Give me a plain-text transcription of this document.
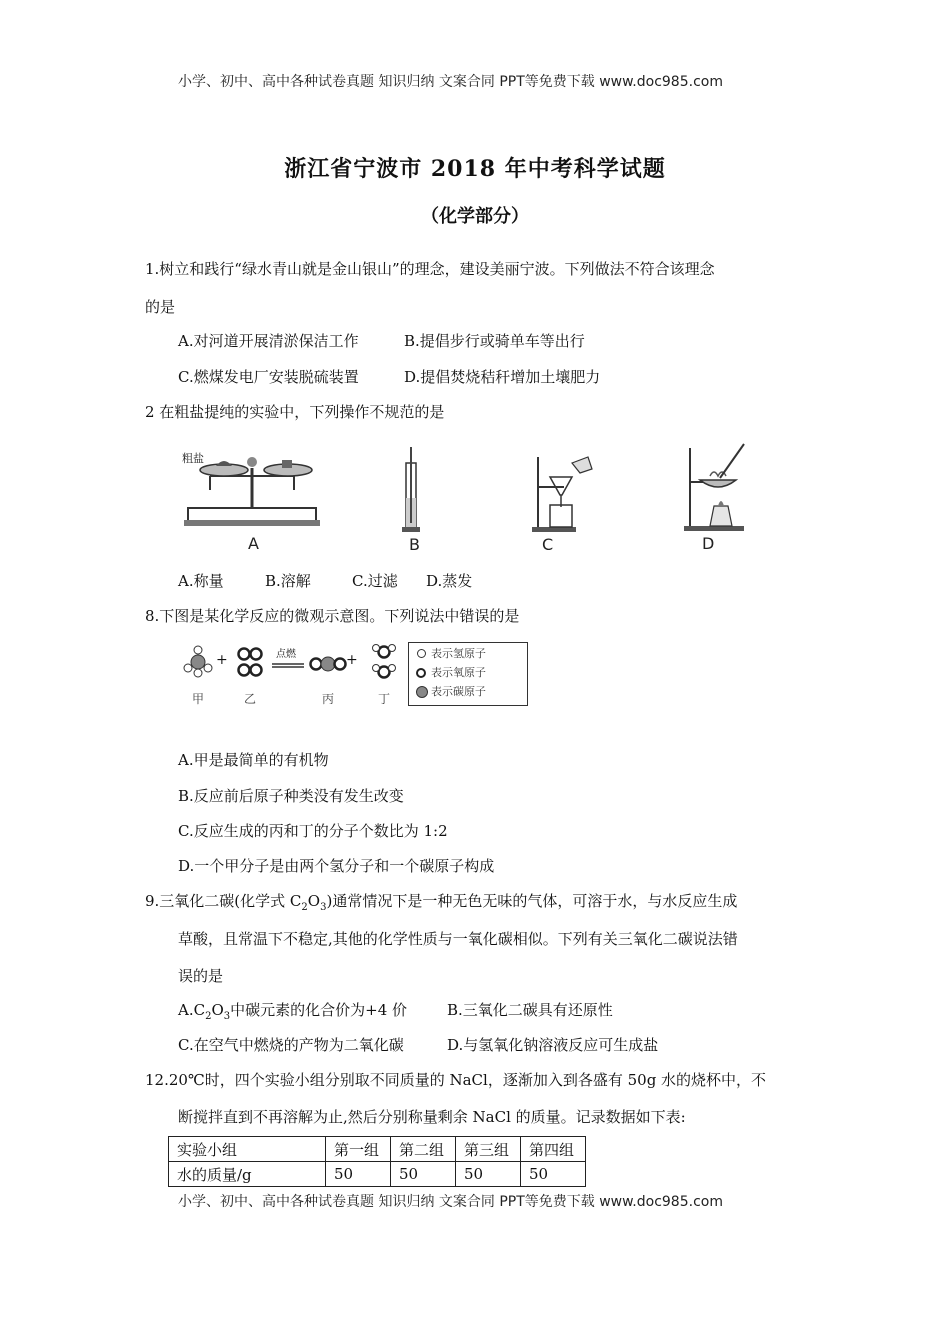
小学、初中、高中各种试卷真题 知识归纳 文案合同 PPT等免费下载 www.doc985.com
浙江省宁波市 2018 年中考科学试题
（化学部分）
1.树立和践行“绿水青山就是金山银山”的理念，建设美丽宁波。下列做法不符合该理念
的是
A.对河道开展清淤保洁工作	B.提倡步行或骑单车等出行
C.燃煤发电厂安装脱硫装置	D.提倡焚烧秸秆增加土壤肥力
2 在粗盐提纯的实验中，下列操作不规范的是
粗盐
A	B	C	D
A.称量	B.溶解	C.过滤 D.蒸发
8.下图是某化学反应的微观示意图。下列说法中错误的是
+	点燃	+
甲	乙	丙	丁
表示氢原子
表示氧原子
表示碳原子
A.甲是最简单的有机物
B.反应前后原子种类没有发生改变
C.反应生成的丙和丁的分子个数比为 1:2
D.一个甲分子是由两个氢分子和一个碳原子构成
9.三氧化二碳(化学式 $C_2O_3$)通常情况下是一种无色无味的气体，可溶于水，与水反应生成
草酸，且常温下不稳定,其他的化学性质与一氧化碳相似。下列有关三氧化二碳说法错
误的是
$A.C_2O_3$中碳元素的化合价为+4 价	B.三氧化二碳具有还原性
C.在空气中燃烧的产物为二氧化碳	D.与氢氧化钠溶液反应可生成盐
12.20℃时，四个实验小组分别取不同质量的 NaCl，逐渐加入到各盛有 50g 水的烧杯中，不
断搅拌直到不再溶解为止,然后分别称量剩余 NaCl 的质量。记录数据如下表:
实验小组	第一组	第二组	第三组	第四组
水的质量/g	50	50	50	50
小学、初中、高中各种试卷真题 知识归纳 文案合同 PPT等免费下载 www.doc985.com
